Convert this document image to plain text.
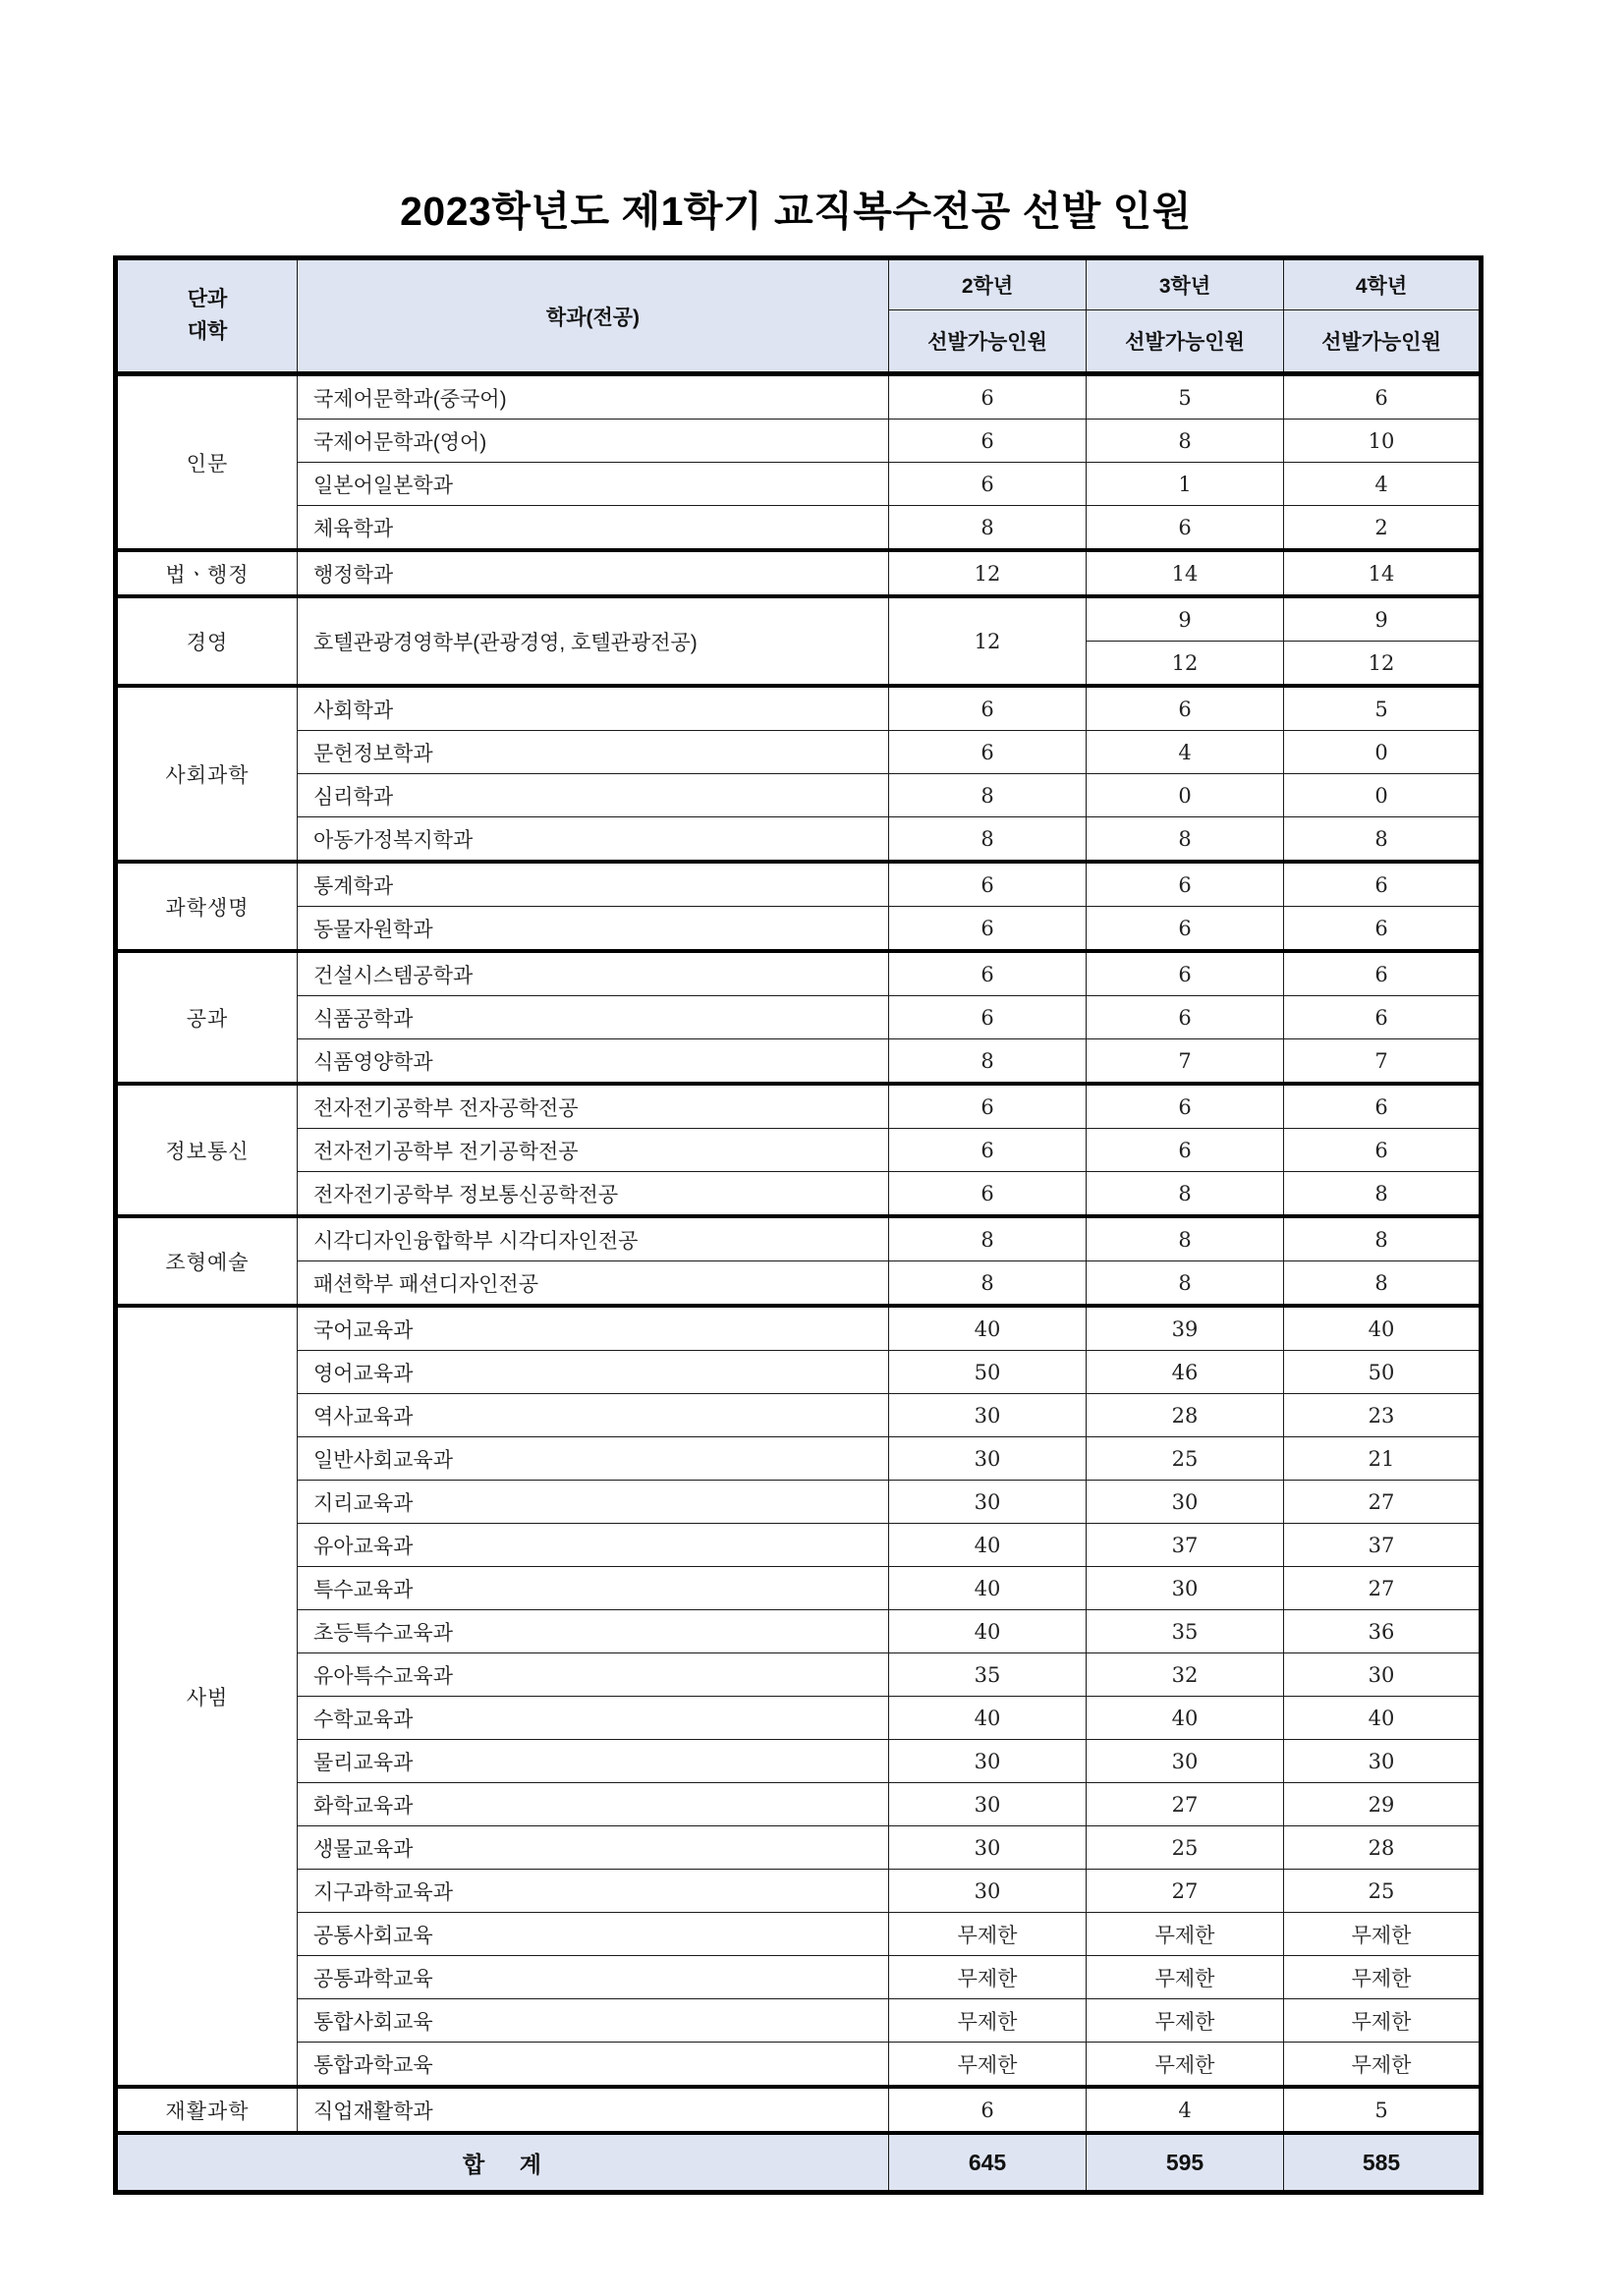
2023학년도 제1학기 교직복수전공 선발 인원
단과
대학	학과(전공)	2학년	3학년	4학년
		선발가능인원	선발가능인원	선발가능인원
인문	국제어문학과(중국어)	6	5	6
	국제어문학과(영어)	6	8	10
	일본어일본학과	6	1	4
	체육학과	8	6	2
법ㆍ행정	행정학과	12	14	14
경영	호텔관광경영학부(관광경영, 호텔관광전공)	12	9	9
			12	12
사회과학	사회학과	6	6	5
	문헌정보학과	6	4	0
	심리학과	8	0	0
	아동가정복지학과	8	8	8
과학생명	통계학과	6	6	6
	동물자원학과	6	6	6
공과	건설시스템공학과	6	6	6
	식품공학과	6	6	6
	식품영양학과	8	7	7
정보통신	전자전기공학부 전자공학전공	6	6	6
	전자전기공학부 전기공학전공	6	6	6
	전자전기공학부 정보통신공학전공	6	8	8
조형예술	시각디자인융합학부 시각디자인전공	8	8	8
	패션학부 패션디자인전공	8	8	8
사범	국어교육과	40	39	40
	영어교육과	50	46	50
	역사교육과	30	28	23
	일반사회교육과	30	25	21
	지리교육과	30	30	27
	유아교육과	40	37	37
	특수교육과	40	30	27
	초등특수교육과	40	35	36
	유아특수교육과	35	32	30
	수학교육과	40	40	40
	물리교육과	30	30	30
	화학교육과	30	27	29
	생물교육과	30	25	28
	지구과학교육과	30	27	25
	공통사회교육	무제한	무제한	무제한
	공통과학교육	무제한	무제한	무제한
	통합사회교육	무제한	무제한	무제한
	통합과학교육	무제한	무제한	무제한
재활과학	직업재활학과	6	4	5
합    계		645	595	585
